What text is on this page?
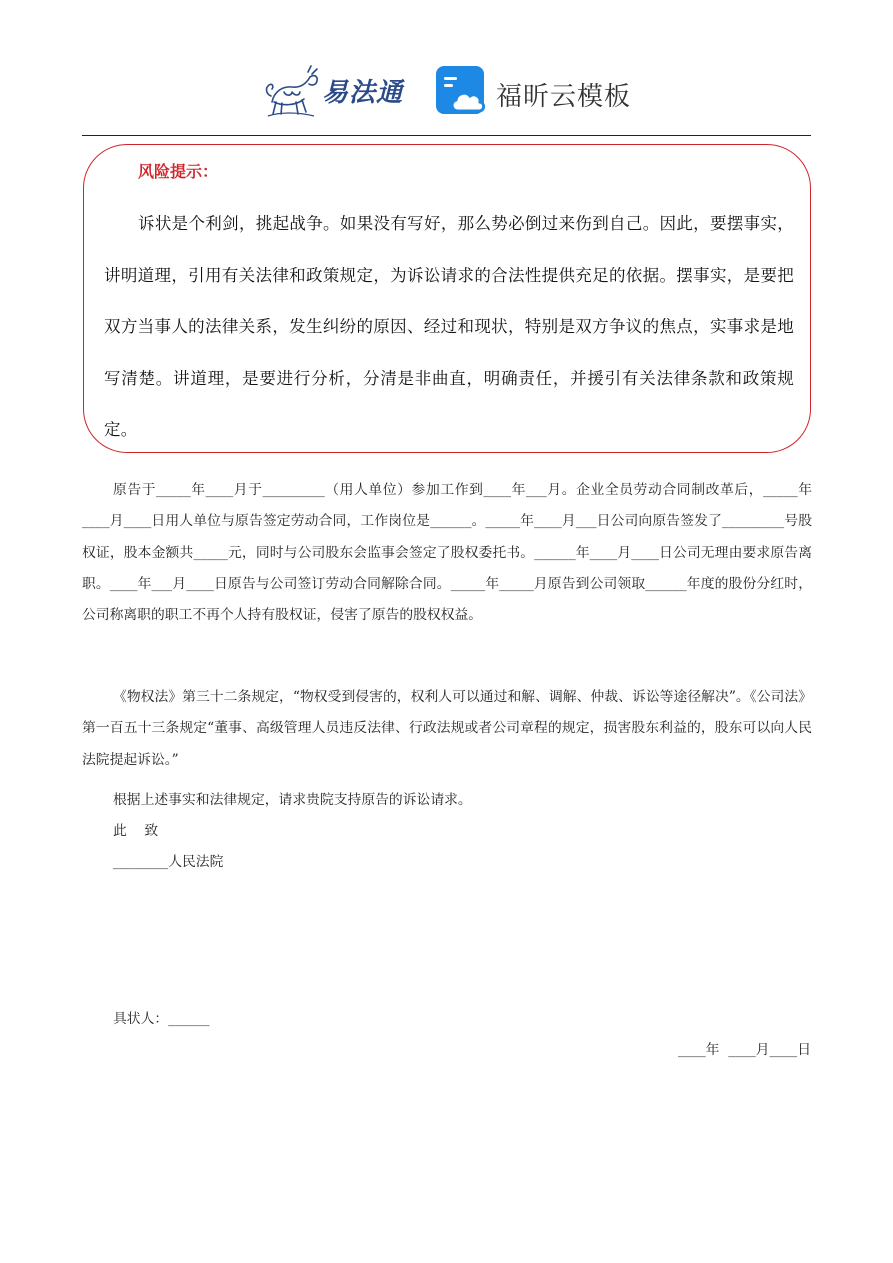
易法通	福昕云模板
风险提示：

诉状是个利剑，挑起战争。如果没有写好，那么势必倒过来伤到自己。因此，要摆事实，讲明道理，引用有关法律和政策规定，为诉讼请求的合法性提供充足的依据。摆事实，是要把双方当事人的法律关系，发生纠纷的原因、经过和现状，特别是双方争议的焦点，实事求是地写清楚。讲道理，是要进行分析，分清是非曲直，明确责任，并援引有关法律条款和政策规定。

原告于_____年____月于_________（用人单位）参加工作到____年___月。企业全员劳动合同制改革后，_____年____月____日用人单位与原告签定劳动合同，工作岗位是______。_____年____月___日公司向原告签发了_________号股权证，股本金额共_____元，同时与公司股东会监事会签定了股权委托书。______年____月____日公司无理由要求原告离职。____年___月____日原告与公司签订劳动合同解除合同。_____年_____月原告到公司领取______年度的股份分红时，公司称离职的职工不再个人持有股权证，侵害了原告的股权权益。

《物权法》第三十二条规定，“物权受到侵害的，权利人可以通过和解、调解、仲裁、诉讼等途径解决”。《公司法》第一百五十三条规定“董事、高级管理人员违反法律、行政法规或者公司章程的规定，损害股东利益的，股东可以向人民法院提起诉讼。”

根据上述事实和法律规定，请求贵院支持原告的诉讼请求。

此    致
________人民法院
具状人：______
____年  ____月____日
